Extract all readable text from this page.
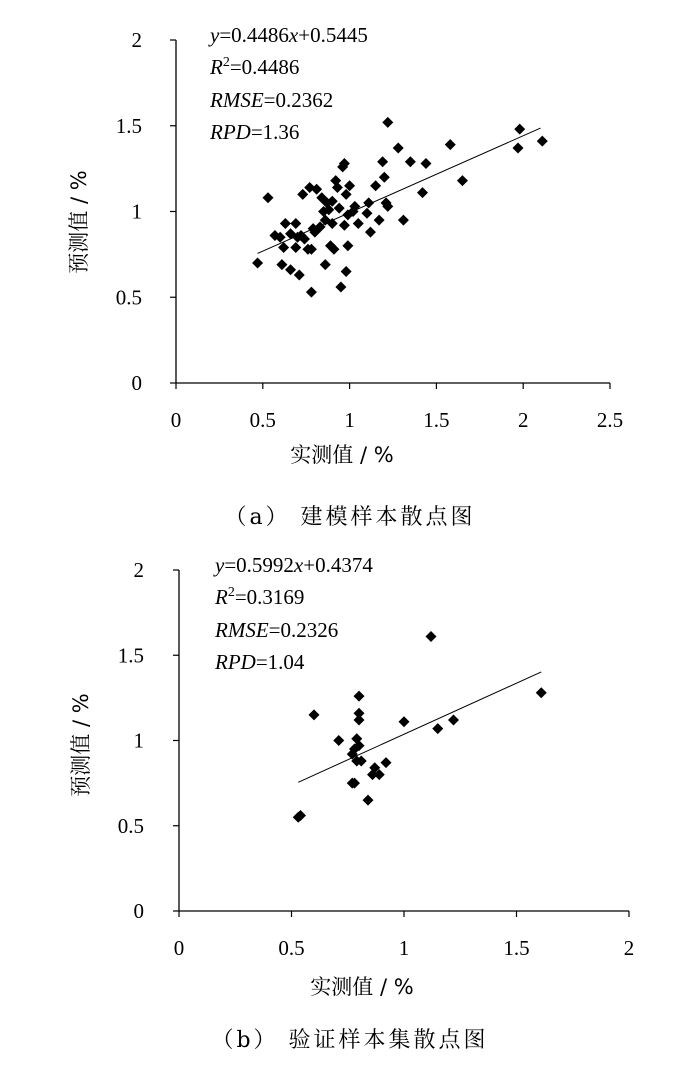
0	0.5	1	1.5	2	2.5
0
0.5
1
1.5
2	y=0.4486x+0.5445
$R^2=0.4486$
RMSE=0.2362
RPD=1.36
预测值 / %
实测值 / %
（a） 建模样本散点图
0	0.5	1	1.5	2
0
0.5
1
1.5
2	y=0.5992x+0.4374
$R^2=0.3169$
RMSE=0.2326
RPD=1.04
预测值 / %
实测值 / %
（b） 验证样本集散点图
